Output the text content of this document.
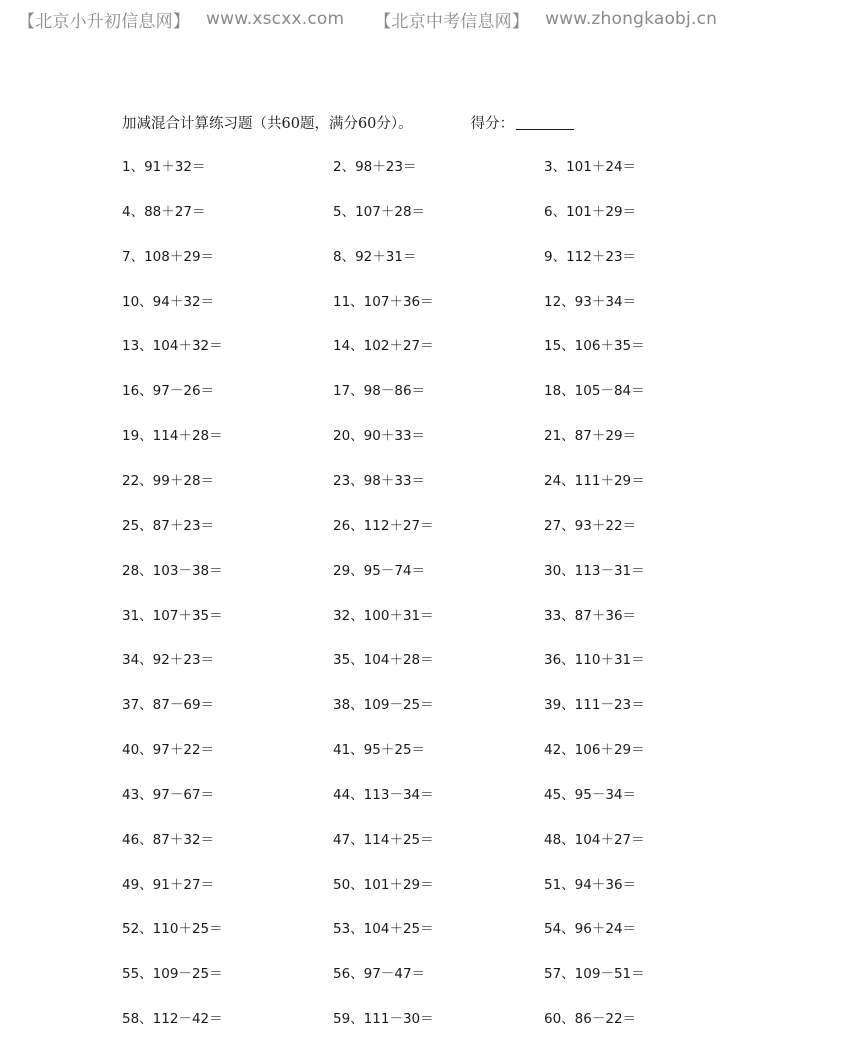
【北京小升初信息网】 www.xscxx.com 【北京中考信息网】 www.zhongkaobj.cn
加减混合计算练习题（共60题，满分60分）。	得分：
1、91＋32＝	2、98＋23＝	3、101＋24＝
4、88＋27＝	5、107＋28＝	6、101＋29＝
7、108＋29＝	8、92＋31＝	9、112＋23＝
10、94＋32＝	11、107＋36＝	12、93＋34＝
13、104＋32＝	14、102＋27＝	15、106＋35＝
16、97－26＝	17、98－86＝	18、105－84＝
19、114＋28＝	20、90＋33＝	21、87＋29＝
22、99＋28＝	23、98＋33＝	24、111＋29＝
25、87＋23＝	26、112＋27＝	27、93＋22＝
28、103－38＝	29、95－74＝	30、113－31＝
31、107＋35＝	32、100＋31＝	33、87＋36＝
34、92＋23＝	35、104＋28＝	36、110＋31＝
37、87－69＝	38、109－25＝	39、111－23＝
40、97＋22＝	41、95＋25＝	42、106＋29＝
43、97－67＝	44、113－34＝	45、95－34＝
46、87＋32＝	47、114＋25＝	48、104＋27＝
49、91＋27＝	50、101＋29＝	51、94＋36＝
52、110＋25＝	53、104＋25＝	54、96＋24＝
55、109－25＝	56、97－47＝	57、109－51＝
58、112－42＝	59、111－30＝	60、86－22＝
